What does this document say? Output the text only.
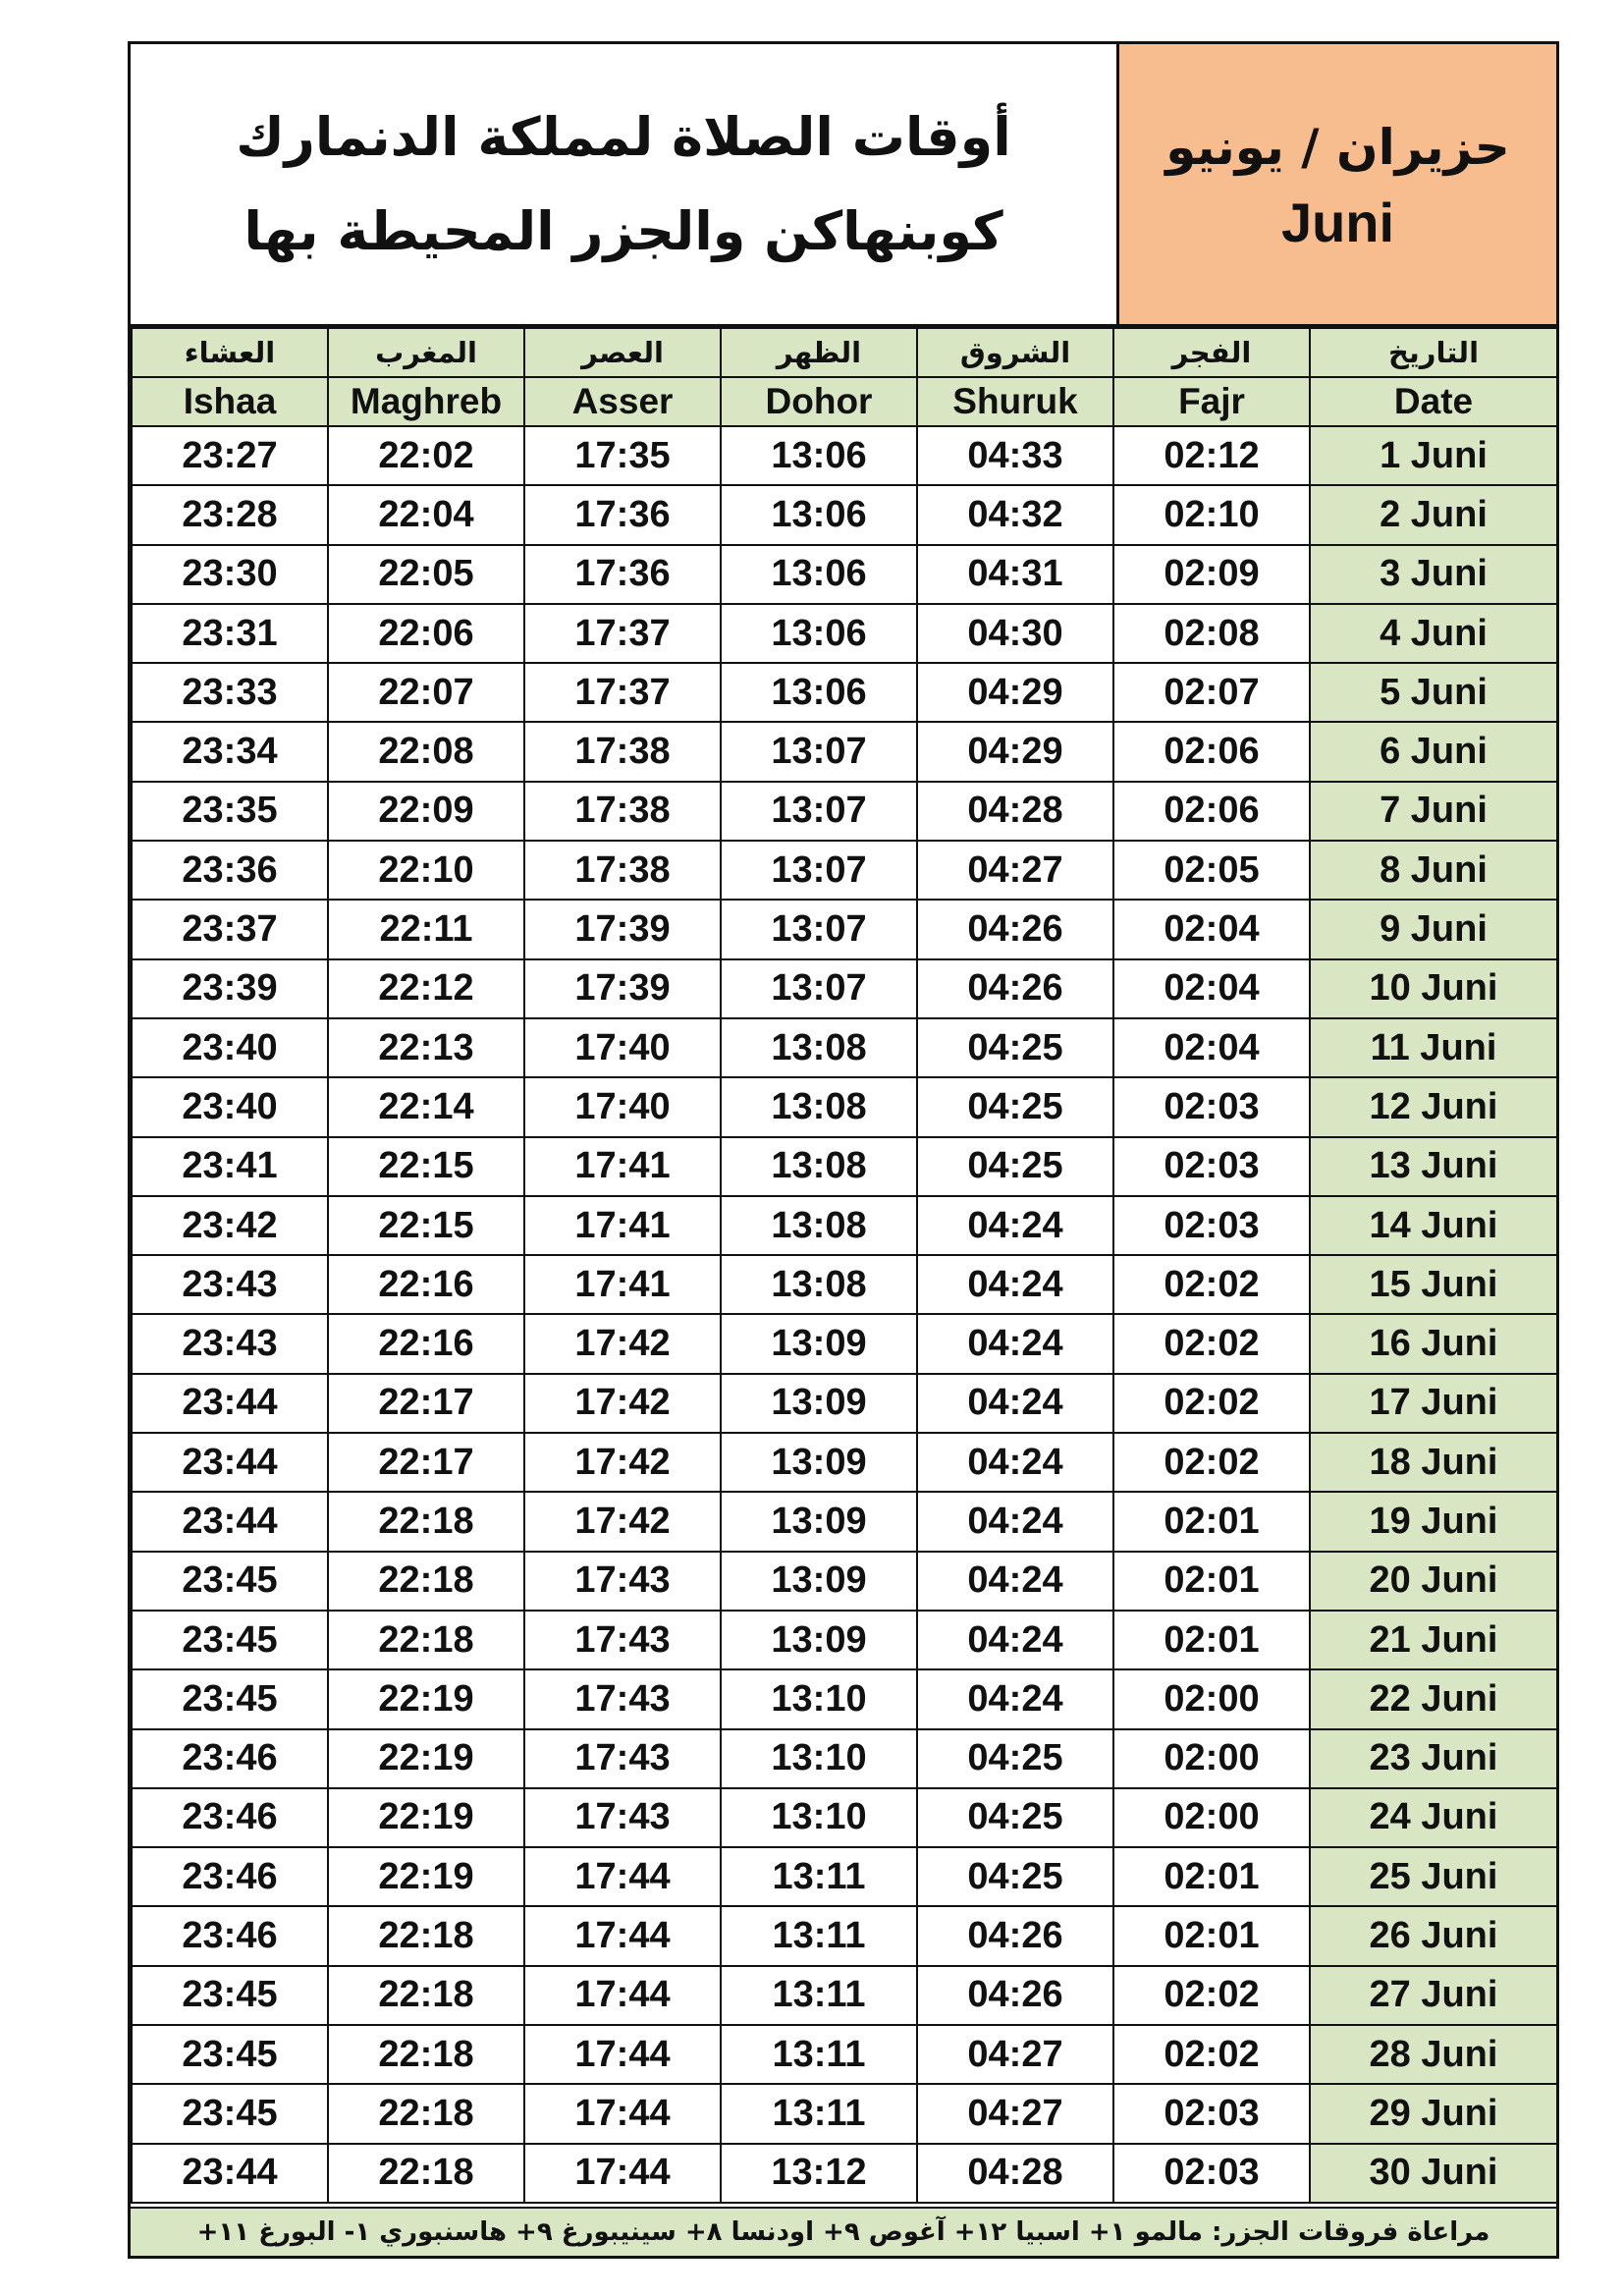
أوقات الصلاة لمملكة الدنمارك
كوبنهاكن والجزر المحيطة بها
حزيران / يونيو
Juni
العشاء	المغرب	العصر	الظهر	الشروق	الفجر	التاريخ
Ishaa	Maghreb	Asser	Dohor	Shuruk	Fajr	Date
23:27	22:02	17:35	13:06	04:33	02:12	1 Juni
23:28	22:04	17:36	13:06	04:32	02:10	2 Juni
23:30	22:05	17:36	13:06	04:31	02:09	3 Juni
23:31	22:06	17:37	13:06	04:30	02:08	4 Juni
23:33	22:07	17:37	13:06	04:29	02:07	5 Juni
23:34	22:08	17:38	13:07	04:29	02:06	6 Juni
23:35	22:09	17:38	13:07	04:28	02:06	7 Juni
23:36	22:10	17:38	13:07	04:27	02:05	8 Juni
23:37	22:11	17:39	13:07	04:26	02:04	9 Juni
23:39	22:12	17:39	13:07	04:26	02:04	10 Juni
23:40	22:13	17:40	13:08	04:25	02:04	11 Juni
23:40	22:14	17:40	13:08	04:25	02:03	12 Juni
23:41	22:15	17:41	13:08	04:25	02:03	13 Juni
23:42	22:15	17:41	13:08	04:24	02:03	14 Juni
23:43	22:16	17:41	13:08	04:24	02:02	15 Juni
23:43	22:16	17:42	13:09	04:24	02:02	16 Juni
23:44	22:17	17:42	13:09	04:24	02:02	17 Juni
23:44	22:17	17:42	13:09	04:24	02:02	18 Juni
23:44	22:18	17:42	13:09	04:24	02:01	19 Juni
23:45	22:18	17:43	13:09	04:24	02:01	20 Juni
23:45	22:18	17:43	13:09	04:24	02:01	21 Juni
23:45	22:19	17:43	13:10	04:24	02:00	22 Juni
23:46	22:19	17:43	13:10	04:25	02:00	23 Juni
23:46	22:19	17:43	13:10	04:25	02:00	24 Juni
23:46	22:19	17:44	13:11	04:25	02:01	25 Juni
23:46	22:18	17:44	13:11	04:26	02:01	26 Juni
23:45	22:18	17:44	13:11	04:26	02:02	27 Juni
23:45	22:18	17:44	13:11	04:27	02:02	28 Juni
23:45	22:18	17:44	13:11	04:27	02:03	29 Juni
23:44	22:18	17:44	13:12	04:28	02:03	30 Juni
مراعاة فروقات الجزر: مالمو ١+ اسبيا ١٢+ آغوص ٩+ اودنسا ٨+ سينيبورغ ٩+ هاسنبوري ١- البورغ ١١+
